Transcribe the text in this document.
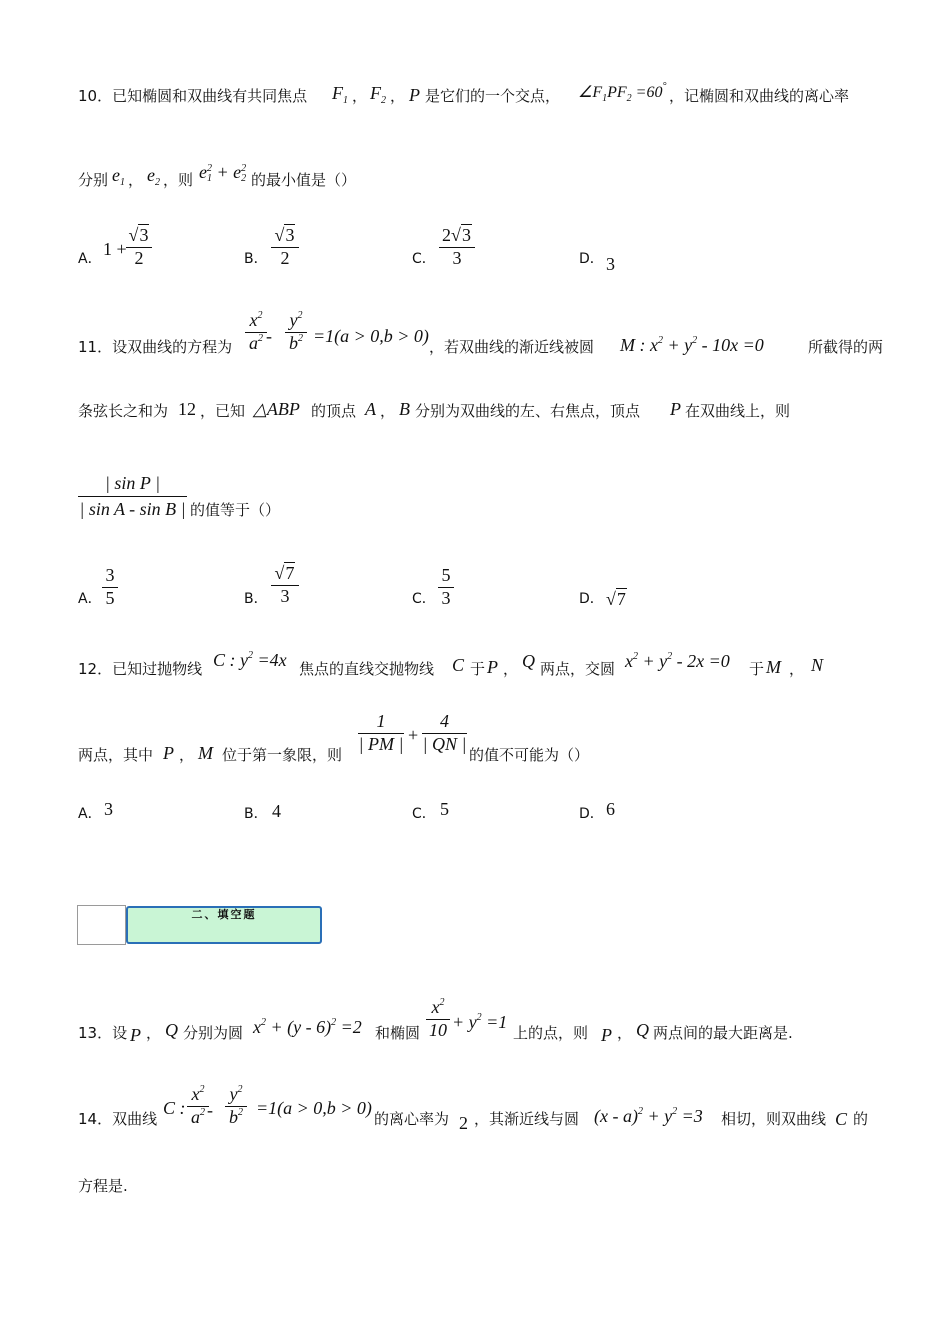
10．已知椭圆和双曲线有共同焦点 $F_1$ ， $F_2$ ， P 是它们的一个交点， $\angle F_1PF_2 =60^\circ$
，记椭圆和双曲线的离心率
分别 $e_1$ ， $e_2$ ，则 e 2
1 + e 2
2 的最小值是（）
A． 1 +
√3
2	B．
√3
2	C．
2√3
3	D． 3
11．设双曲线的方程为
$x^2$
$a^2$ -
$y^2$
$b^2 =1(a > 0,b > 0)$
，若双曲线的渐近线被圆 M : $x^2 + y^2 - 10x =0$	所截得的两
条弦长之和为 12 ，已知 △ABP 的顶点 A ， B 分别为双曲线的左、右焦点，顶点 P 在双曲线上，则
| sin P |
| sin A - sin B | 的值等于（）
A．
3
5	B．
√7
3	C．
5
3	D． √7
12．已知过抛物线 C : $y^2 =4x$ 焦点的直线交抛物线 C 于 P ， Q 两点，交圆 $x^2 + y^2 - 2x =0$ 于 M ， N
两点，其中 P ， M 位于第一象限，则
1
| PM | +
4
| QN |
的值不可能为（）
A． 3	B． 4	C． 5	D． 6
二、填空题
13．设 P ， Q 分别为圆 $x^2 + (y - 6)^2 =2$ 和椭圆
$x^2$
$10 + y^2 =1$
上的点，则 P ， Q 两点间的最大距离是.
14．双曲线
C :
$x^2$
$a^2$ -
$y^2$
$b^2 =1(a > 0,b > 0)$
的离心率为 2 ，其渐近线与圆 $(x - a)^2 + y^2 =3$ 相切，则双曲线 C 的
方程是.
